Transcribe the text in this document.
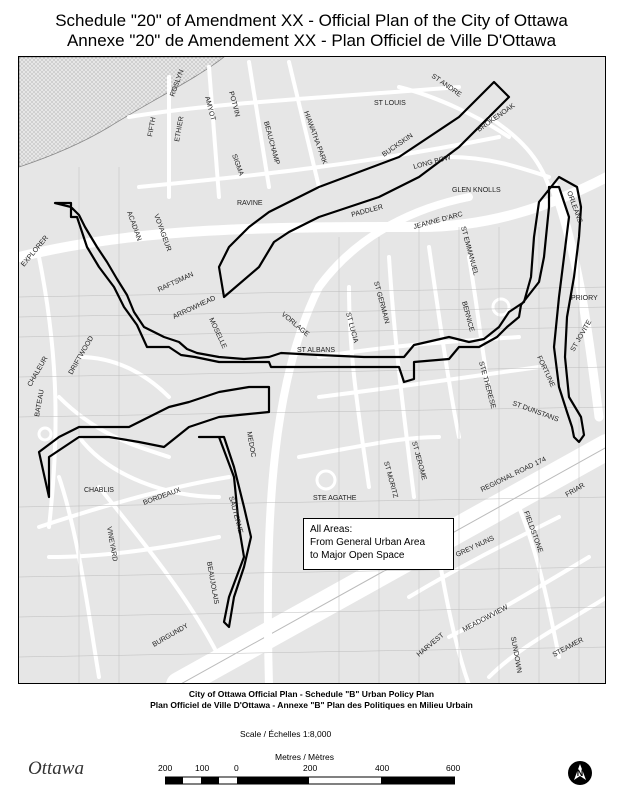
Schedule "20" of Amendment XX - Official Plan of the City of Ottawa
Annexe "20" de Amendement XX - Plan Officiel de Ville D'Ottawa
ST ANDRE
ST LOUIS
ROSLYN
POTVIN
AMYOT
ETHIER
FIFTH	BEAUCHAMP	HIAWATHA PARK
SIGMA
BUCKSKIN
BROKENOAK
LONG BOW
GLEN KNOLLS	ORLEANS
PADDLER	JEANNE D'ARC
RAVINE
ACADIAN VOYAGEUR
EXPLORER
RAFTSMAN
ARROWHEAD
MOSELLE	VORLAGE	ST LUCIA
ST GERMAIN
ST EMMANUEL
BERNICE
PRIORY
ST JOVITE
ST ALBANS
FORTUNE
STE THERESE
ST DUNSTANS
CHALEUR	DRIFTWOOD
BATEAU
MEDOC
CHABLIS	BORDEAUX	SAUTERNE
VINEYARD
BEAUJOLAIS
BURGUNDY
STE AGATHE	ST MORITZ ST JEROME	REGIONAL ROAD 174
GREY NUNS	FIELDSTONE
FRIAR
MEADOWVIEW
HARVEST	SUNDOWN	STEAMER
All Areas:
From General Urban Area
to Major Open Space
City of Ottawa Official Plan - Schedule "B" Urban Policy Plan
Plan Officiel de Ville D'Ottawa - Annexe "B" Plan des Politiques en Milieu Urbain
Scale / Échelles 1:8,000
Metres / Mètres
200	100	0	200	400	600
Ottawa	N
